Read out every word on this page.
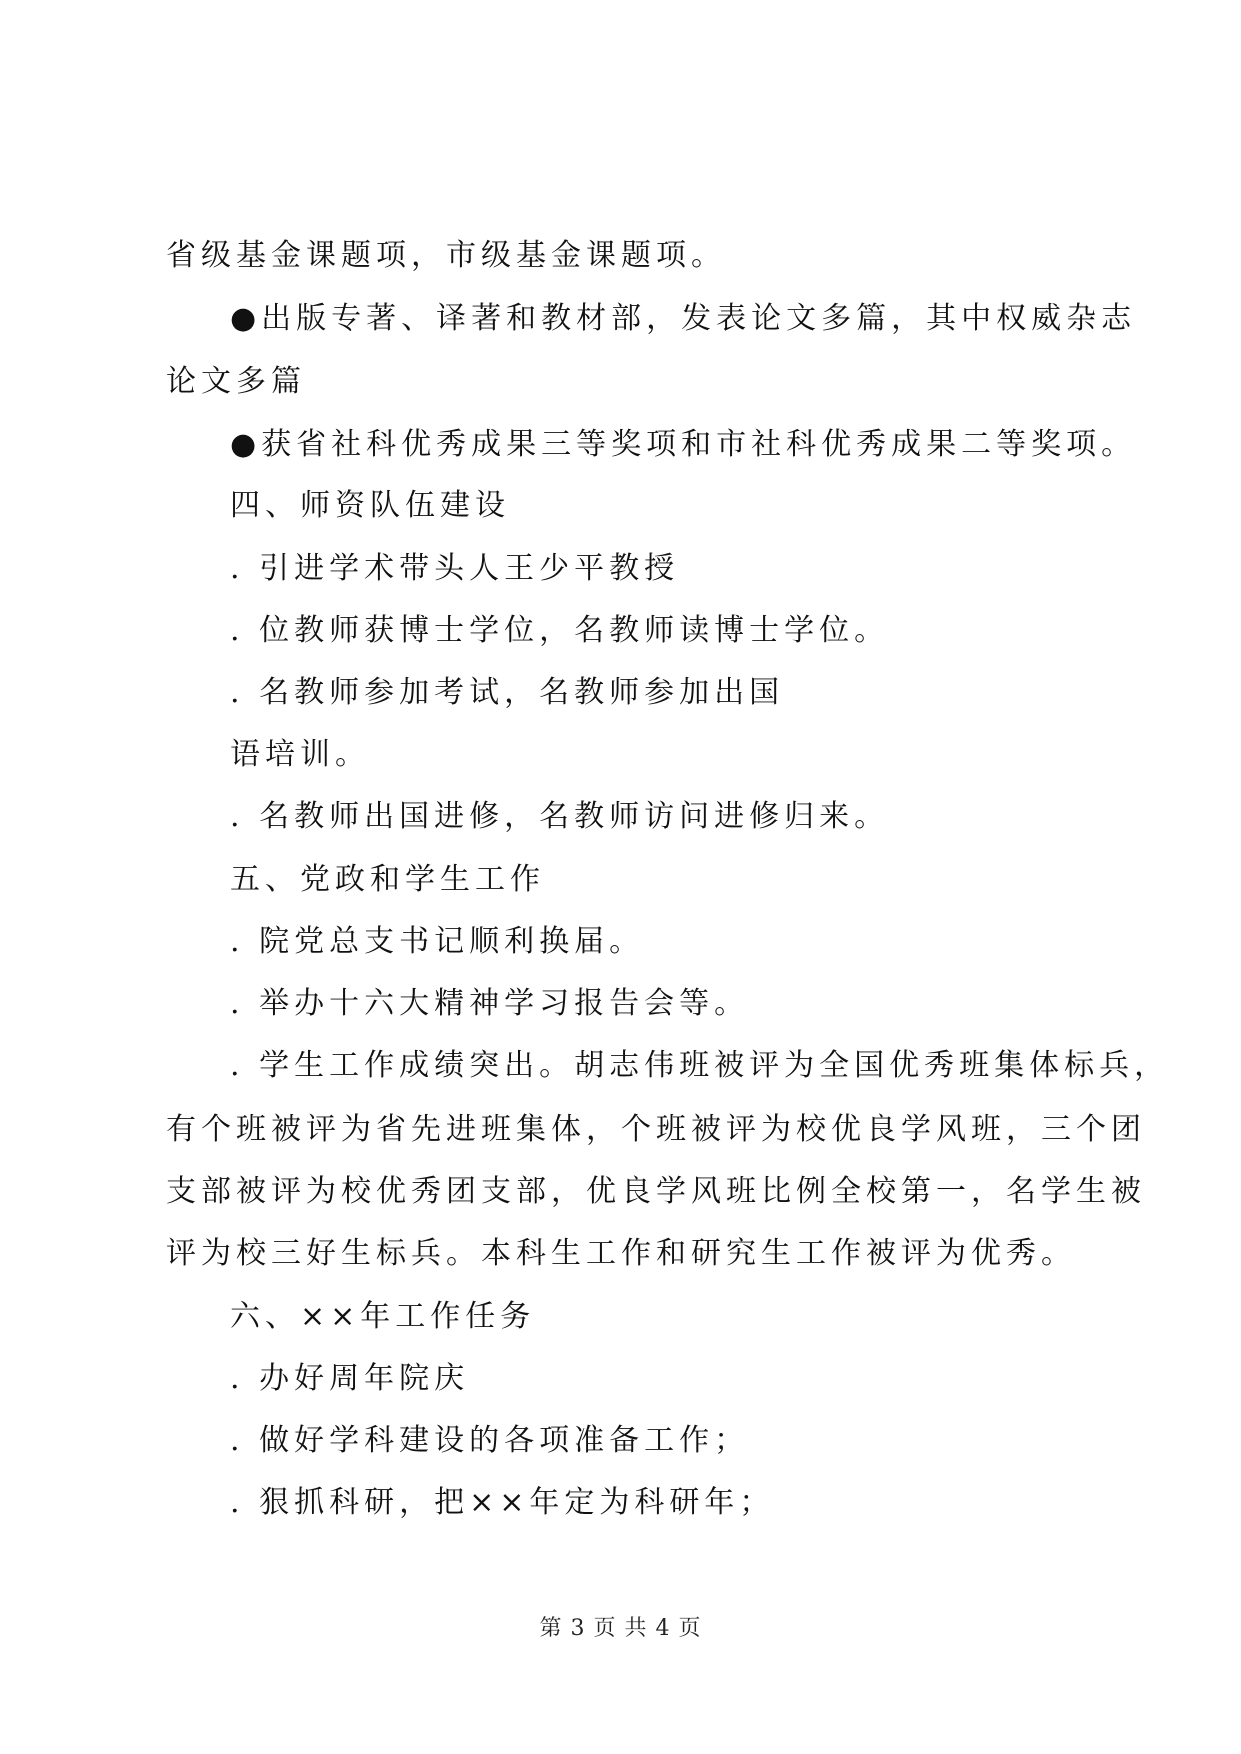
省级基金课题项，市级基金课题项。
●出版专著、译著和教材部，发表论文多篇，其中权威杂志
论文多篇
●获省社科优秀成果三等奖项和市社科优秀成果二等奖项。
四、师资队伍建设
. 引进学术带头人王少平教授
. 位教师获博士学位，名教师读博士学位。
. 名教师参加考试，名教师参加出国
语培训。
. 名教师出国进修，名教师访问进修归来。
五、党政和学生工作
. 院党总支书记顺利换届。
. 举办十六大精神学习报告会等。
. 学生工作成绩突出。胡志伟班被评为全国优秀班集体标兵，
有个班被评为省先进班集体，个班被评为校优良学风班，三个团
支部被评为校优秀团支部，优良学风班比例全校第一，名学生被
评为校三好生标兵。本科生工作和研究生工作被评为优秀。
六、××年工作任务
. 办好周年院庆
. 做好学科建设的各项准备工作；
. 狠抓科研，把××年定为科研年；
第 3 页 共 4 页
